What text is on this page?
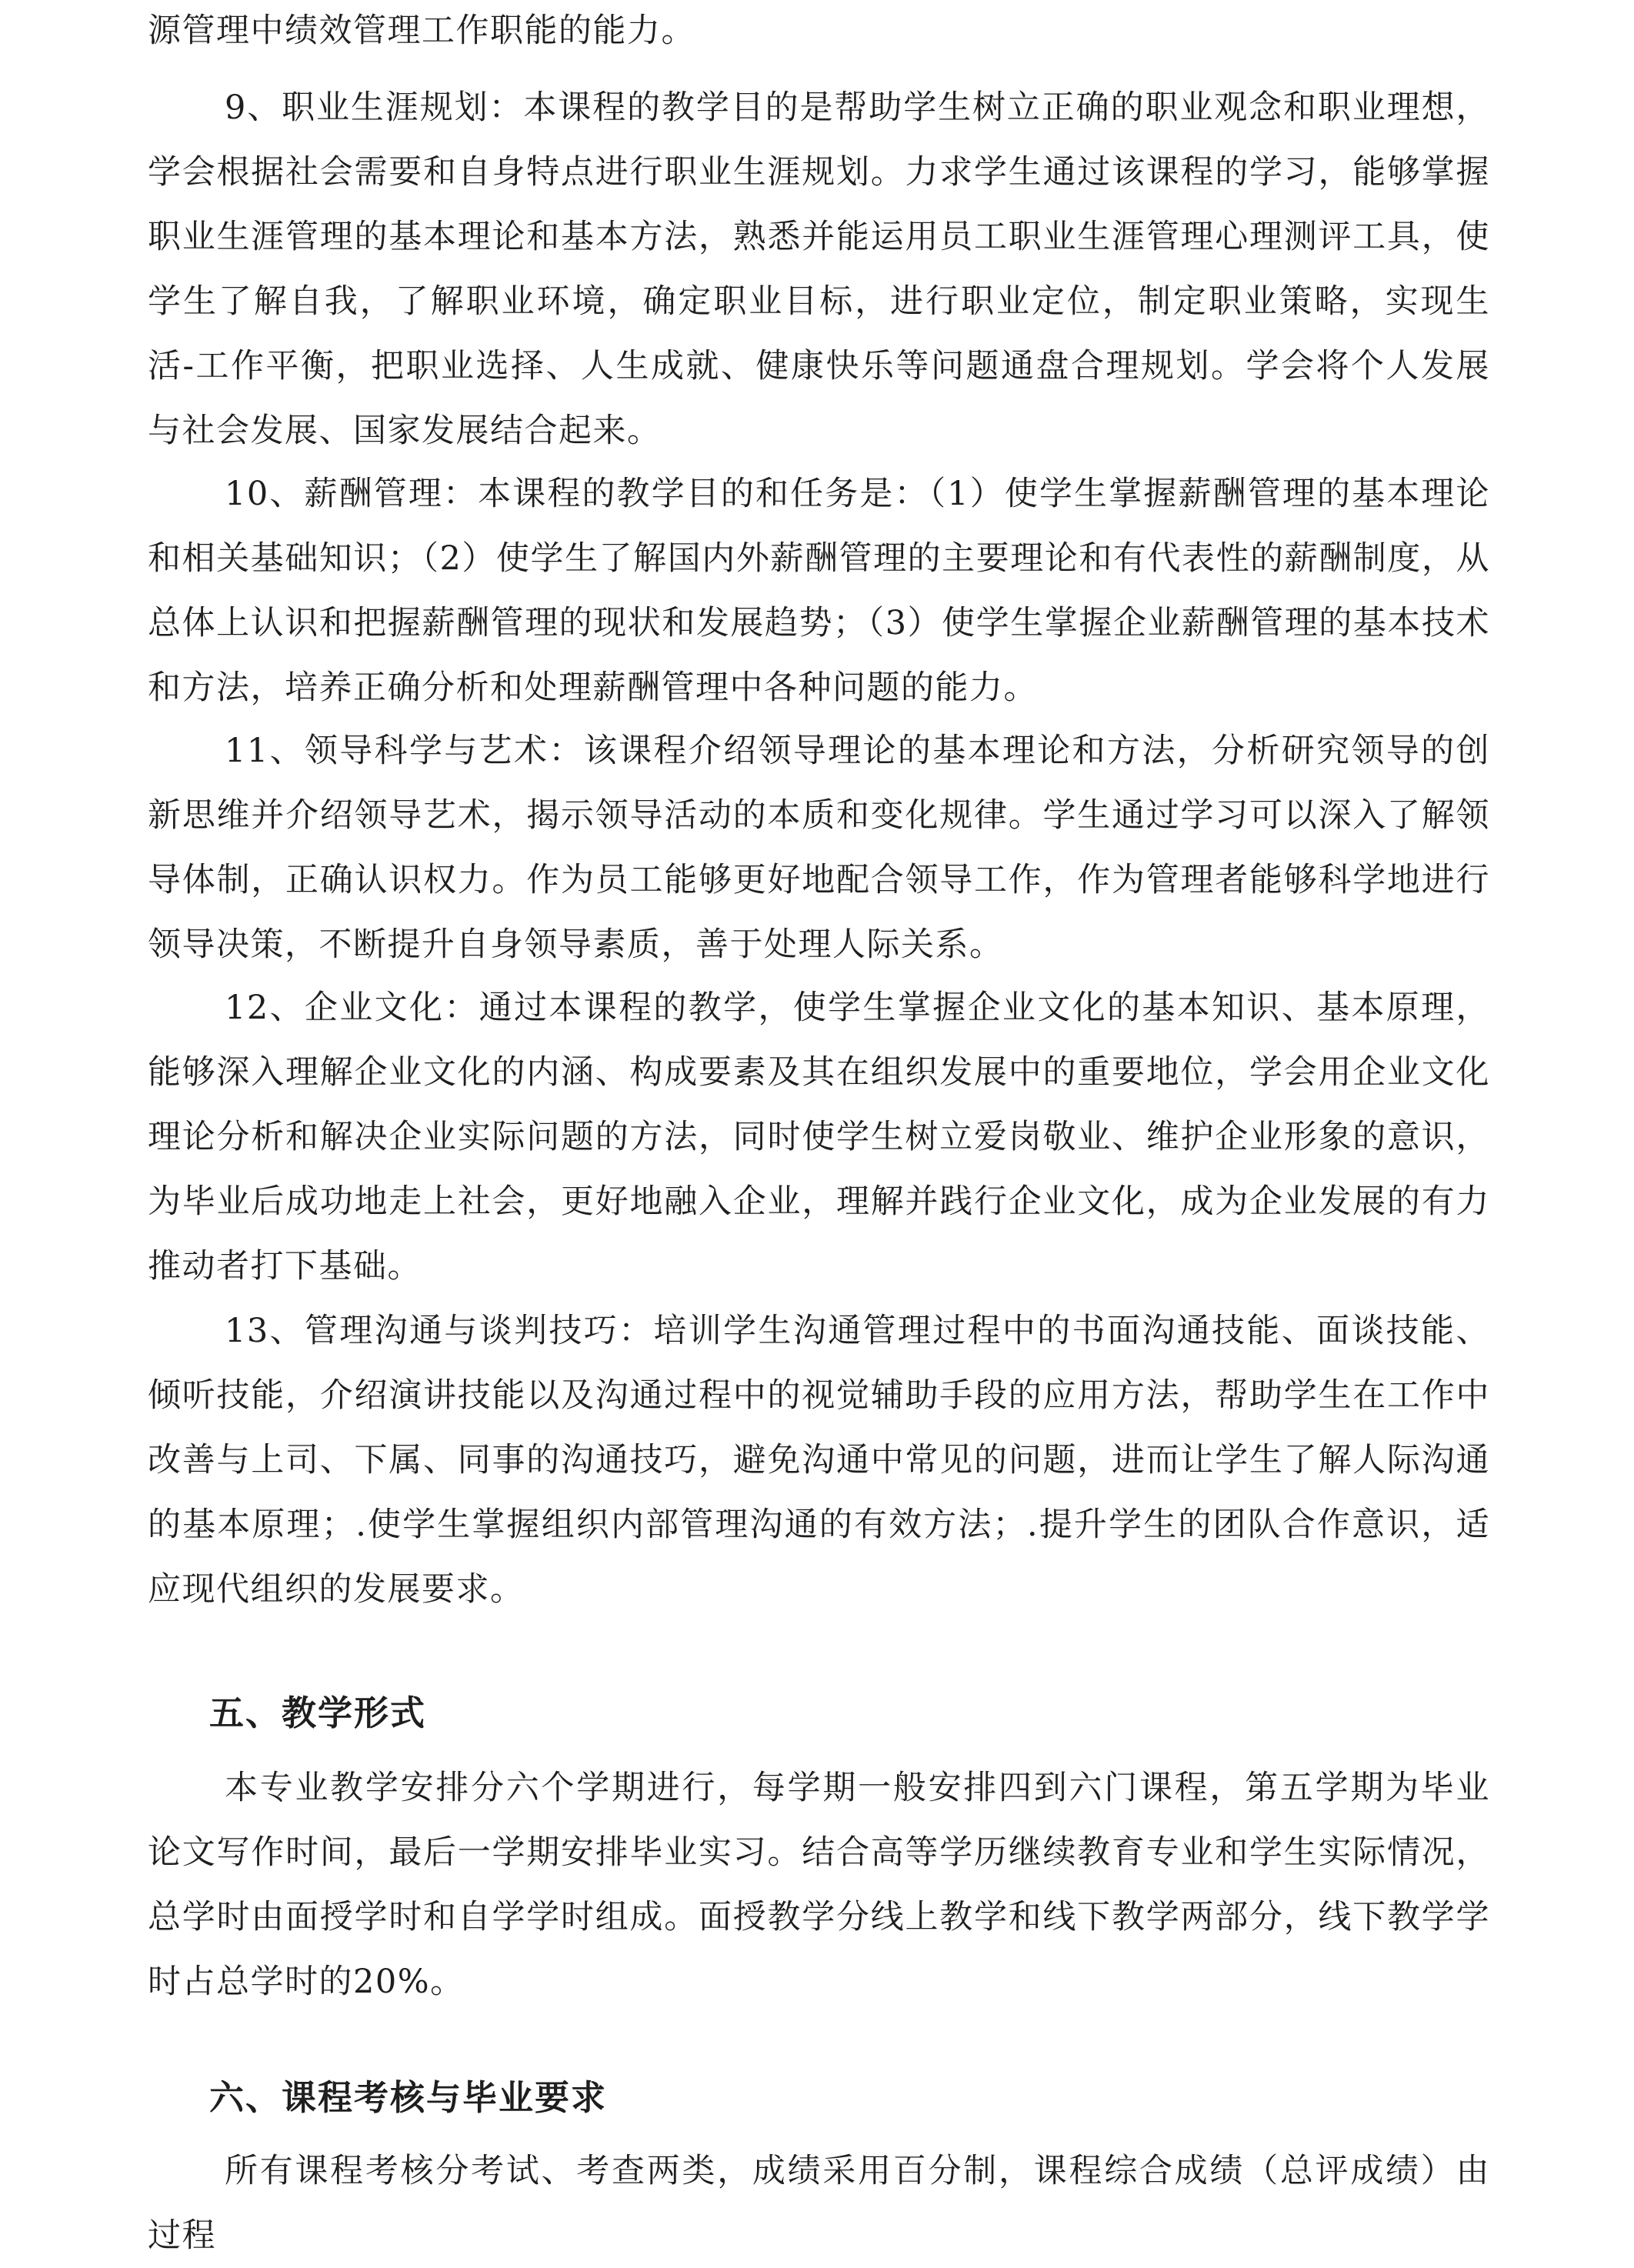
源管理中绩效管理工作职能的能力。

9、职业生涯规划：本课程的教学目的是帮助学生树立正确的职业观念和职业理想，学会根据社会需要和自身特点进行职业生涯规划。力求学生通过该课程的学习，能够掌握职业生涯管理的基本理论和基本方法，熟悉并能运用员工职业生涯管理心理测评工具，使学生了解自我，了解职业环境，确定职业目标，进行职业定位，制定职业策略，实现生活-工作平衡，把职业选择、人生成就、健康快乐等问题通盘合理规划。学会将个人发展与社会发展、国家发展结合起来。

10、薪酬管理：本课程的教学目的和任务是：（1）使学生掌握薪酬管理的基本理论和相关基础知识；（2）使学生了解国内外薪酬管理的主要理论和有代表性的薪酬制度，从总体上认识和把握薪酬管理的现状和发展趋势；（3）使学生掌握企业薪酬管理的基本技术和方法，培养正确分析和处理薪酬管理中各种问题的能力。

11、领导科学与艺术：该课程介绍领导理论的基本理论和方法，分析研究领导的创新思维并介绍领导艺术，揭示领导活动的本质和变化规律。学生通过学习可以深入了解领导体制，正确认识权力。作为员工能够更好地配合领导工作，作为管理者能够科学地进行领导决策，不断提升自身领导素质，善于处理人际关系。

12、企业文化：通过本课程的教学，使学生掌握企业文化的基本知识、基本原理，能够深入理解企业文化的内涵、构成要素及其在组织发展中的重要地位，学会用企业文化理论分析和解决企业实际问题的方法，同时使学生树立爱岗敬业、维护企业形象的意识，为毕业后成功地走上社会，更好地融入企业，理解并践行企业文化，成为企业发展的有力推动者打下基础。

13、管理沟通与谈判技巧：培训学生沟通管理过程中的书面沟通技能、面谈技能、倾听技能，介绍演讲技能以及沟通过程中的视觉辅助手段的应用方法，帮助学生在工作中改善与上司、下属、同事的沟通技巧，避免沟通中常见的问题，进而让学生了解人际沟通的基本原理；.使学生掌握组织内部管理沟通的有效方法；.提升学生的团队合作意识，适应现代组织的发展要求。

五、教学形式

本专业教学安排分六个学期进行，每学期一般安排四到六门课程，第五学期为毕业论文写作时间，最后一学期安排毕业实习。结合高等学历继续教育专业和学生实际情况，总学时由面授学时和自学学时组成。面授教学分线上教学和线下教学两部分，线下教学学时占总学时的20%。

六、课程考核与毕业要求

所有课程考核分考试、考查两类，成绩采用百分制，课程综合成绩（总评成绩）由过程
